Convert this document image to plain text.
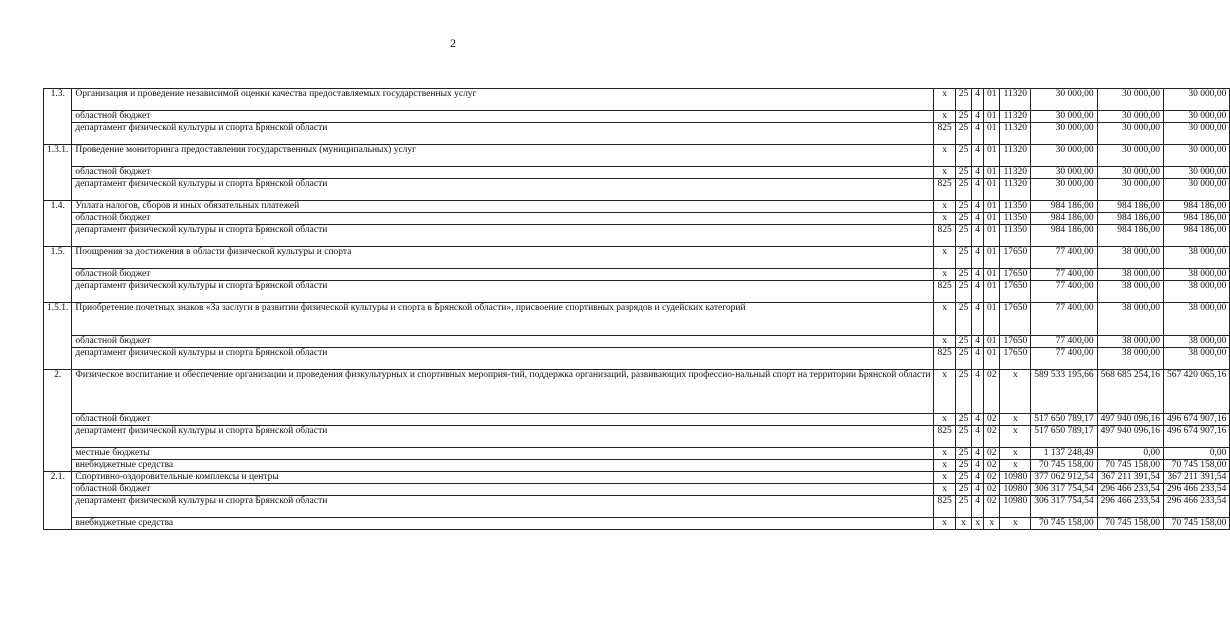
2
1.3.	Организация и проведение независимой оценки качества предоставляемых государственных услуг	x	25	4	01	11320	30 000,00	30 000,00	30 000,00
	областной бюджет	x	25	4	01	11320	30 000,00	30 000,00	30 000,00
	департамент физической культуры и спорта Брянской области	825	25	4	01	11320	30 000,00	30 000,00	30 000,00
1.3.1.	Проведение мониторинга предоставления государственных (муниципальных) услуг	x	25	4	01	11320	30 000,00	30 000,00	30 000,00
	областной бюджет	x	25	4	01	11320	30 000,00	30 000,00	30 000,00
	департамент физической культуры и спорта Брянской области	825	25	4	01	11320	30 000,00	30 000,00	30 000,00
1.4.	Уплата налогов, сборов и иных обязательных платежей	x	25	4	01	11350	984 186,00	984 186,00	984 186,00
	областной бюджет	x	25	4	01	11350	984 186,00	984 186,00	984 186,00
	департамент физической культуры и спорта Брянской области	825	25	4	01	11350	984 186,00	984 186,00	984 186,00
1.5.	Поощрения за достижения в области физической культуры и спорта	x	25	4	01	17650	77 400,00	38 000,00	38 000,00
	областной бюджет	x	25	4	01	17650	77 400,00	38 000,00	38 000,00
	департамент физической культуры и спорта Брянской области	825	25	4	01	17650	77 400,00	38 000,00	38 000,00
1.5.1.	Приобретение почетных знаков «За заслуги в развитии физической культуры и спорта в Брянской области», присвоение спортивных разрядов и судейских категорий	x	25	4	01	17650	77 400,00	38 000,00	38 000,00
	областной бюджет	x	25	4	01	17650	77 400,00	38 000,00	38 000,00
	департамент физической культуры и спорта Брянской области	825	25	4	01	17650	77 400,00	38 000,00	38 000,00
2.	Физическое воспитание и обеспечение организации и проведения физкультурных и спортивных мероприя-тий, поддержка организаций, развивающих професcио-нальный спорт на территории Брянской области	x	25	4	02	x	589 533 195,66	568 685 254,16	567 420 065,16
	областной бюджет	x	25	4	02	x	517 650 789,17	497 940 096,16	496 674 907,16
	департамент физической культуры и спорта Брянской области	825	25	4	02	x	517 650 789,17	497 940 096,16	496 674 907,16
	местные бюджеты	x	25	4	02	x	1 137 248,49	0,00	0,00
	внебюджетные средства	x	25	4	02	x	70 745 158,00	70 745 158,00	70 745 158,00
2.1.	Спортивно-оздоровительные комплексы и центры	x	25	4	02	10980	377 062 912,54	367 211 391,54	367 211 391,54
	областной бюджет	x	25	4	02	10980	306 317 754,54	296 466 233,54	296 466 233,54
	департамент физической культуры и спорта Брянской области	825	25	4	02	10980	306 317 754,54	296 466 233,54	296 466 233,54
	внебюджетные средства	x	x	x	x	x	70 745 158,00	70 745 158,00	70 745 158,00
